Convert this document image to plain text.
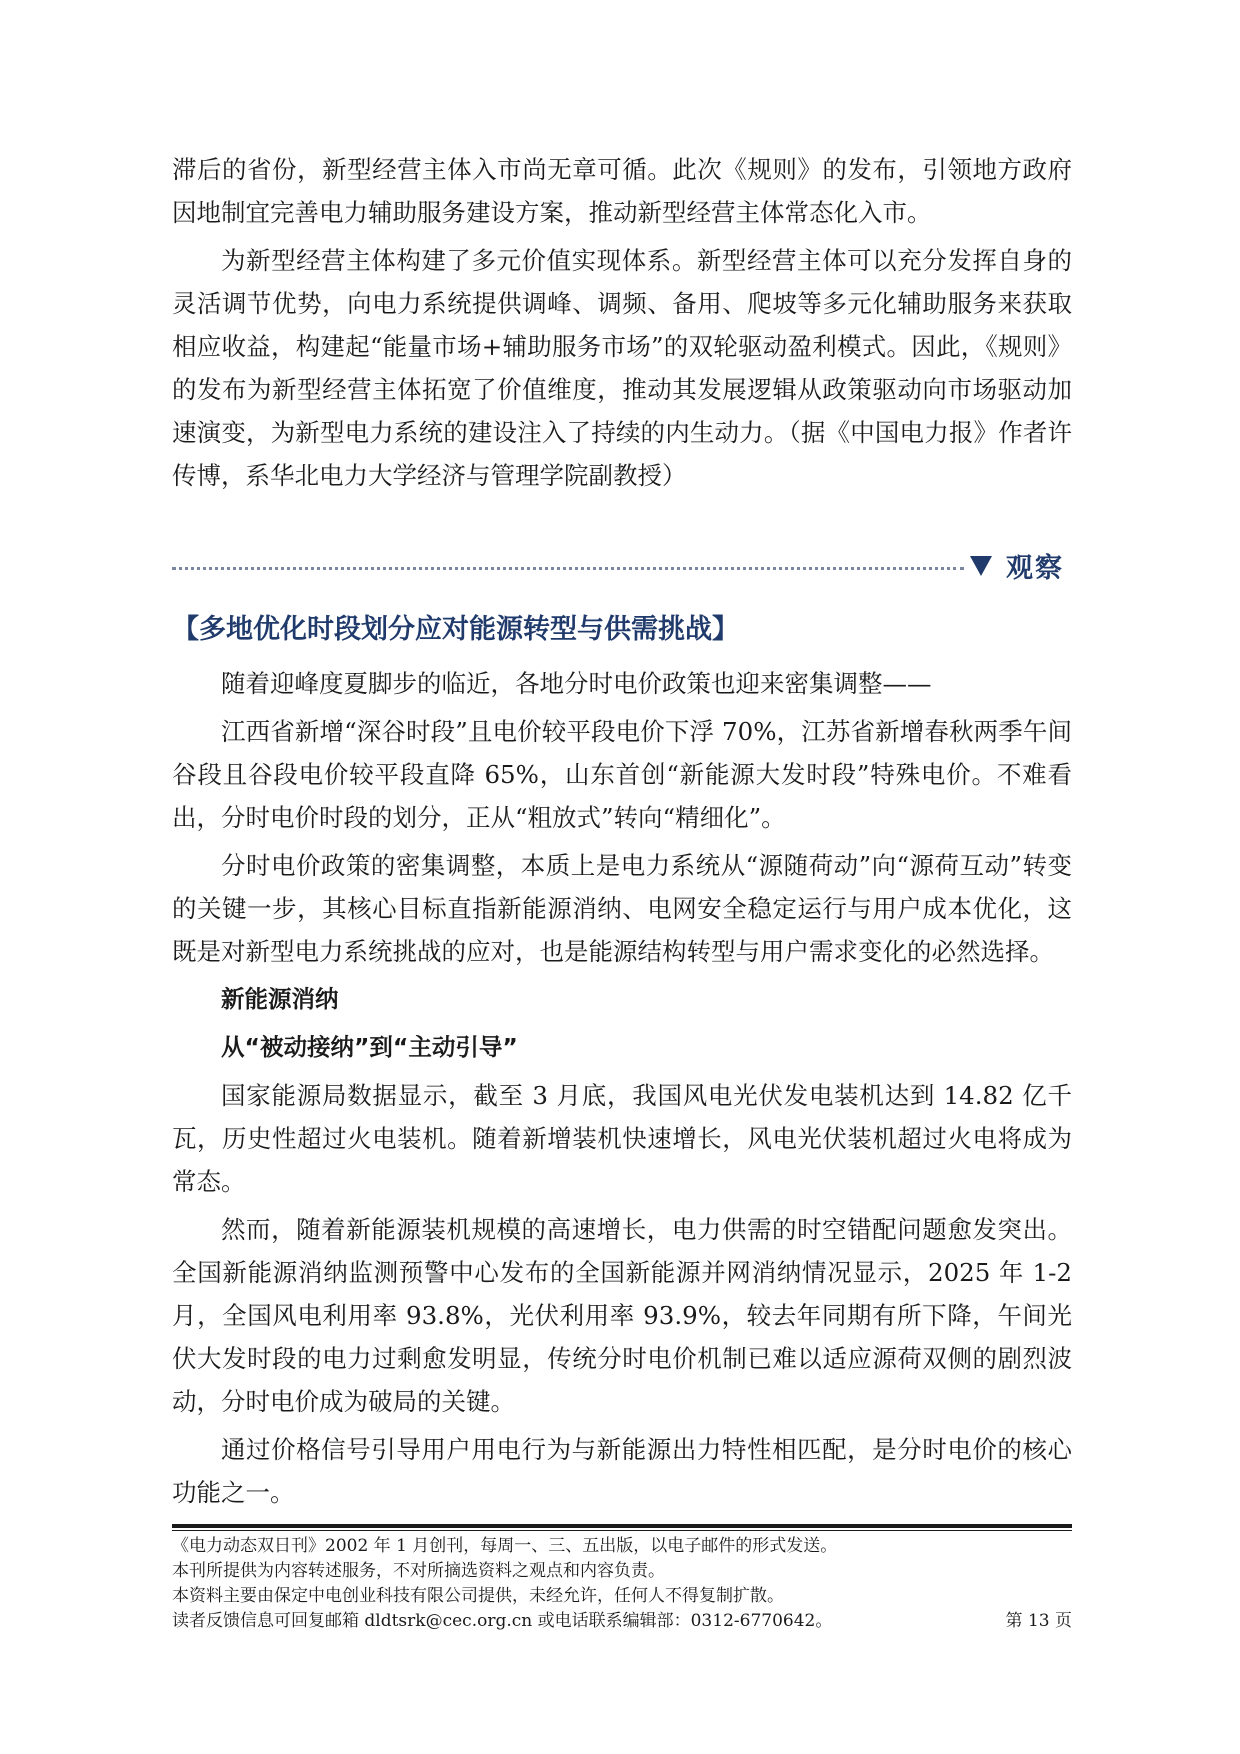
滞后的省份，新型经营主体入市尚无章可循。此次《规则》的发布，引领地方政府因地制宜完善电力辅助服务建设方案，推动新型经营主体常态化入市。

为新型经营主体构建了多元价值实现体系。新型经营主体可以充分发挥自身的灵活调节优势，向电力系统提供调峰、调频、备用、爬坡等多元化辅助服务来获取相应收益，构建起“能量市场+辅助服务市场”的双轮驱动盈利模式。因此，《规则》的发布为新型经营主体拓宽了价值维度，推动其发展逻辑从政策驱动向市场驱动加速演变，为新型电力系统的建设注入了持续的内生动力。（据《中国电力报》作者许传博，系华北电力大学经济与管理学院副教授）

观察
【多地优化时段划分应对能源转型与供需挑战】

随着迎峰度夏脚步的临近，各地分时电价政策也迎来密集调整——

江西省新增“深谷时段”且电价较平段电价下浮 70%，江苏省新增春秋两季午间谷段且谷段电价较平段直降 65%，山东首创“新能源大发时段”特殊电价。不难看出，分时电价时段的划分，正从“粗放式”转向“精细化”。

分时电价政策的密集调整，本质上是电力系统从“源随荷动”向“源荷互动”转变的关键一步，其核心目标直指新能源消纳、电网安全稳定运行与用户成本优化，这既是对新型电力系统挑战的应对，也是能源结构转型与用户需求变化的必然选择。

新能源消纳

从“被动接纳”到“主动引导”

国家能源局数据显示，截至 3 月底，我国风电光伏发电装机达到 14.82 亿千瓦，历史性超过火电装机。随着新增装机快速增长，风电光伏装机超过火电将成为常态。

然而，随着新能源装机规模的高速增长，电力供需的时空错配问题愈发突出。全国新能源消纳监测预警中心发布的全国新能源并网消纳情况显示，2025 年 1-2 月，全国风电利用率 93.8%，光伏利用率 93.9%，较去年同期有所下降，午间光伏大发时段的电力过剩愈发明显，传统分时电价机制已难以适应源荷双侧的剧烈波动，分时电价成为破局的关键。

通过价格信号引导用户用电行为与新能源出力特性相匹配，是分时电价的核心功能之一。

《电力动态双日刊》2002 年 1 月创刊，每周一、三、五出版，以电子邮件的形式发送。
本刊所提供为内容转述服务，不对所摘选资料之观点和内容负责。
本资料主要由保定中电创业科技有限公司提供，未经允许，任何人不得复制扩散。
读者反馈信息可回复邮箱 dldtsrk@cec.org.cn 或电话联系编辑部：0312-6770642。	第 13 页
